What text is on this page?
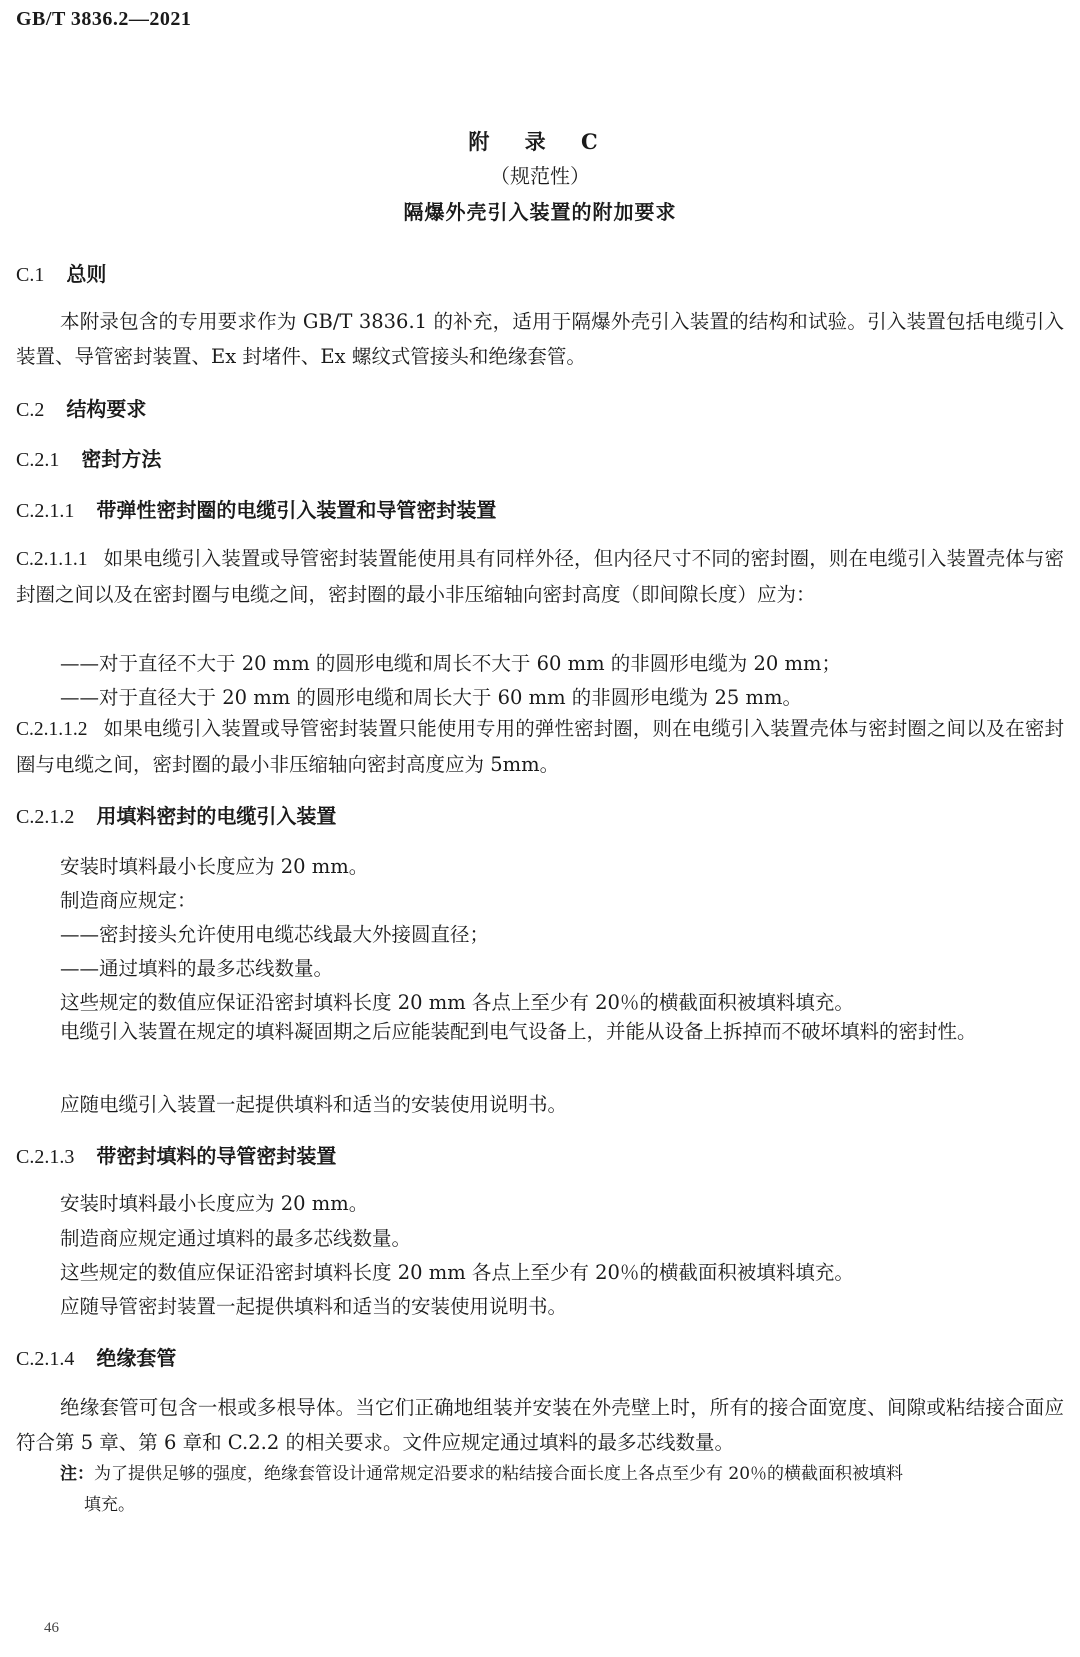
GB/T 3836.2—2021
附 录 C
（规范性）
隔爆外壳引入装置的附加要求
C.1 总则
本附录包含的专用要求作为 GB/T 3836.1 的补充，适用于隔爆外壳引入装置的结构和试验。引入装置包括电缆引入装置、导管密封装置、Ex 封堵件、Ex 螺纹式管接头和绝缘套管。
C.2 结构要求
C.2.1 密封方法
C.2.1.1 带弹性密封圈的电缆引入装置和导管密封装置
C.2.1.1.1 如果电缆引入装置或导管密封装置能使用具有同样外径，但内径尺寸不同的密封圈，则在电缆引入装置壳体与密封圈之间以及在密封圈与电缆之间，密封圈的最小非压缩轴向密封高度（即间隙长度）应为：
——对于直径不大于 20 mm 的圆形电缆和周长不大于 60 mm 的非圆形电缆为 20 mm；
——对于直径大于 20 mm 的圆形电缆和周长大于 60 mm 的非圆形电缆为 25 mm。
C.2.1.1.2 如果电缆引入装置或导管密封装置只能使用专用的弹性密封圈，则在电缆引入装置壳体与密封圈之间以及在密封圈与电缆之间，密封圈的最小非压缩轴向密封高度应为 5mm。
C.2.1.2 用填料密封的电缆引入装置
安装时填料最小长度应为 20 mm。
制造商应规定：
——密封接头允许使用电缆芯线最大外接圆直径；
——通过填料的最多芯线数量。
这些规定的数值应保证沿密封填料长度 20 mm 各点上至少有 20％的横截面积被填料填充。
电缆引入装置在规定的填料凝固期之后应能装配到电气设备上，并能从设备上拆掉而不破坏填料的密封性。
应随电缆引入装置一起提供填料和适当的安装使用说明书。
C.2.1.3 带密封填料的导管密封装置
安装时填料最小长度应为 20 mm。
制造商应规定通过填料的最多芯线数量。
这些规定的数值应保证沿密封填料长度 20 mm 各点上至少有 20％的横截面积被填料填充。
应随导管密封装置一起提供填料和适当的安装使用说明书。
C.2.1.4 绝缘套管
绝缘套管可包含一根或多根导体。当它们正确地组装并安装在外壳壁上时，所有的接合面宽度、间隙或粘结接合面应符合第 5 章、第 6 章和 C.2.2 的相关要求。文件应规定通过填料的最多芯线数量。
注：为了提供足够的强度，绝缘套管设计通常规定沿要求的粘结接合面长度上各点至少有 20％的横截面积被填料
填充。
46
